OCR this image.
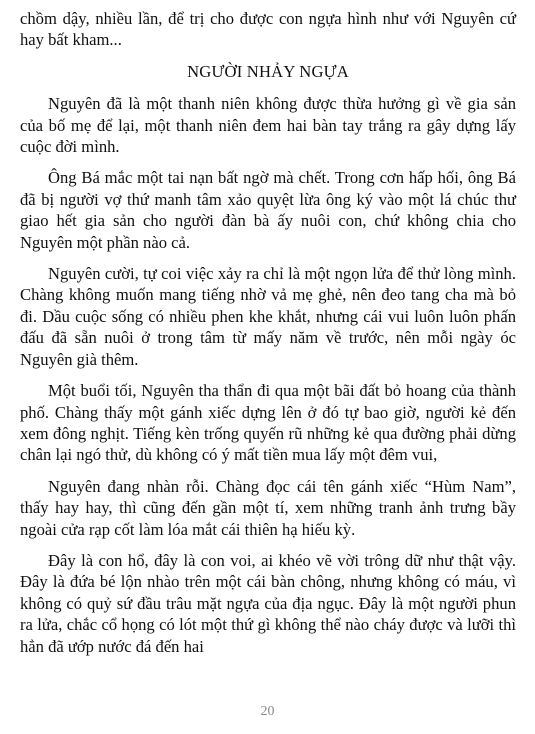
chồm dậy, nhiều lần, để trị cho được con ngựa hình như với Nguyên cứ hay bất kham...

NGƯỜI NHẢY NGỰA

Nguyên đã là một thanh niên không được thừa hưởng gì về gia sản của bố mẹ để lại, một thanh niên đem hai bàn tay trắng ra gây dựng lấy cuộc đời mình.

Ông Bá mắc một tai nạn bất ngờ mà chết. Trong cơn hấp hối, ông Bá đã bị người vợ thứ manh tâm xảo quyệt lừa ông ký vào một lá chúc thư giao hết gia sản cho người đàn bà ấy nuôi con, chứ không chia cho Nguyên một phần nào cả.

Nguyên cười, tự coi việc xảy ra chỉ là một ngọn lửa để thử lòng mình. Chàng không muốn mang tiếng nhờ vả mẹ ghẻ, nên đeo tang cha mà bỏ đi. Dầu cuộc sống có nhiều phen khe khắt, nhưng cái vui luôn luôn phấn đấu đã sẵn nuôi ở trong tâm từ mấy năm về trước, nên mỗi ngày óc Nguyên già thêm.

Một buổi tối, Nguyên tha thẩn đi qua một bãi đất bỏ hoang của thành phố. Chàng thấy một gánh xiếc dựng lên ở đó tự bao giờ, người kẻ đến xem đông nghịt. Tiếng kèn trống quyến rũ những kẻ qua đường phải dừng chân lại ngó thử, dù không có ý mất tiền mua lấy một đêm vui,

Nguyên đang nhàn rỗi. Chàng đọc cái tên gánh xiếc “Hùm Nam”, thấy hay hay, thì cũng đến gần một tí, xem những tranh ảnh trưng bầy ngoài cửa rạp cốt làm lóa mắt cái thiên hạ hiếu kỳ.

Đây là con hổ, đây là con voi, ai khéo vẽ vời trông dữ như thật vậy. Đây là đứa bé lộn nhào trên một cái bàn chông, nhưng không có máu, vì không có quỷ sứ đầu trâu mặt ngựa của địa ngục. Đây là một người phun ra lửa, chắc cổ họng có lót một thứ gì không thể nào cháy được và lưỡi thì hẳn đã ướp nước đá đến hai

20
